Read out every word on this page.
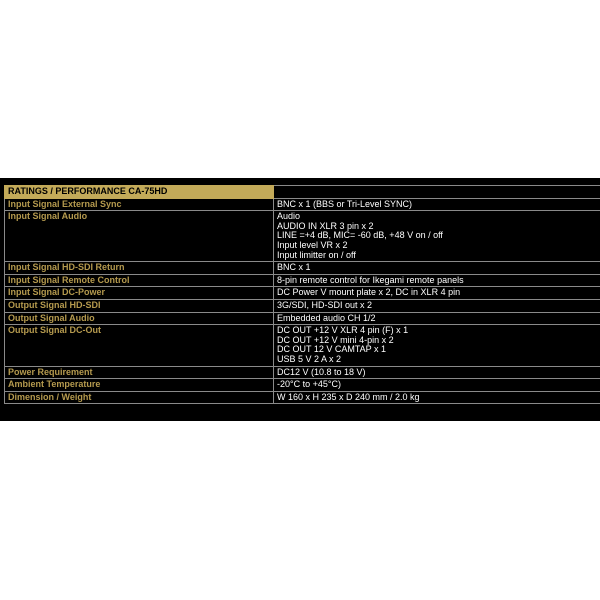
RATINGS / PERFORMANCE CA-75HD	
Input Signal External Sync	BNC x 1 (BBS or Tri-Level SYNC)

Input Signal Audio	Audio
AUDIO IN XLR 3 pin x 2
LINE =+4 dB, MIC= -60 dB, +48 V on / off
Input level VR x 2
Input limitter on / off

Input Signal HD-SDI Return	BNC x 1

Input Signal Remote Control	8-pin remote control for Ikegami remote panels

Input Signal DC-Power	DC Power V mount plate x 2, DC in XLR 4 pin

Output Signal HD-SDI	3G/SDI, HD-SDI out x 2

Output Signal Audio	Embedded audio CH 1/2

Output Signal DC-Out	DC OUT +12 V XLR 4 pin (F) x 1
DC OUT +12 V mini 4-pin x 2
DC OUT 12 V CAMTAP x 1
USB 5 V 2 A x 2

Power Requirement	DC12 V (10.8 to 18 V)

Ambient Temperature	-20°C to +45°C)

Dimension / Weight	W 160 x H 235 x D 240 mm / 2.0 kg
